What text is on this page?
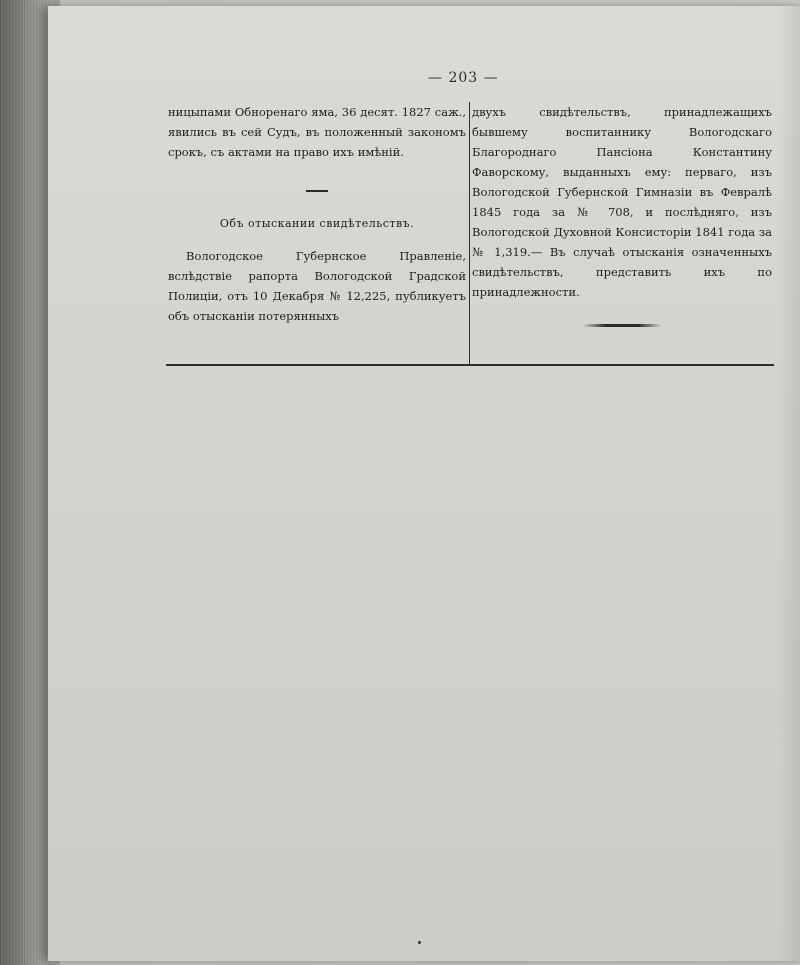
— 203 —

ницыпами Обноренаго яма, 36 десят. 1827 саж., явились въ сей Судъ, въ положенный закономъ срокъ, съ актами на право ихъ имѣній.

Объ отыскании свидѣтельствъ.

Вологодское Губернское Правленіе, вслѣдствіе рапорта Вологодской Градской Полиціи, отъ 10 Декабря № 12,225, публикуетъ объ отысканіи потерянныхъ

двухъ свидѣтельствъ, принадлежащихъ бывшему воспитаннику Вологодскаго Благороднаго Пансіона Константину Фаворскому, выданныхъ ему: перваго, изъ Вологодской Губернской Гимназіи въ Февралѣ 1845 года за № 708, и послѣдняго, изъ Вологодской Духовной Консисторіи 1841 года за № 1,319.— Въ случаѣ отысканія означенныхъ свидѣтельствъ, представить ихъ по принадлежности.
